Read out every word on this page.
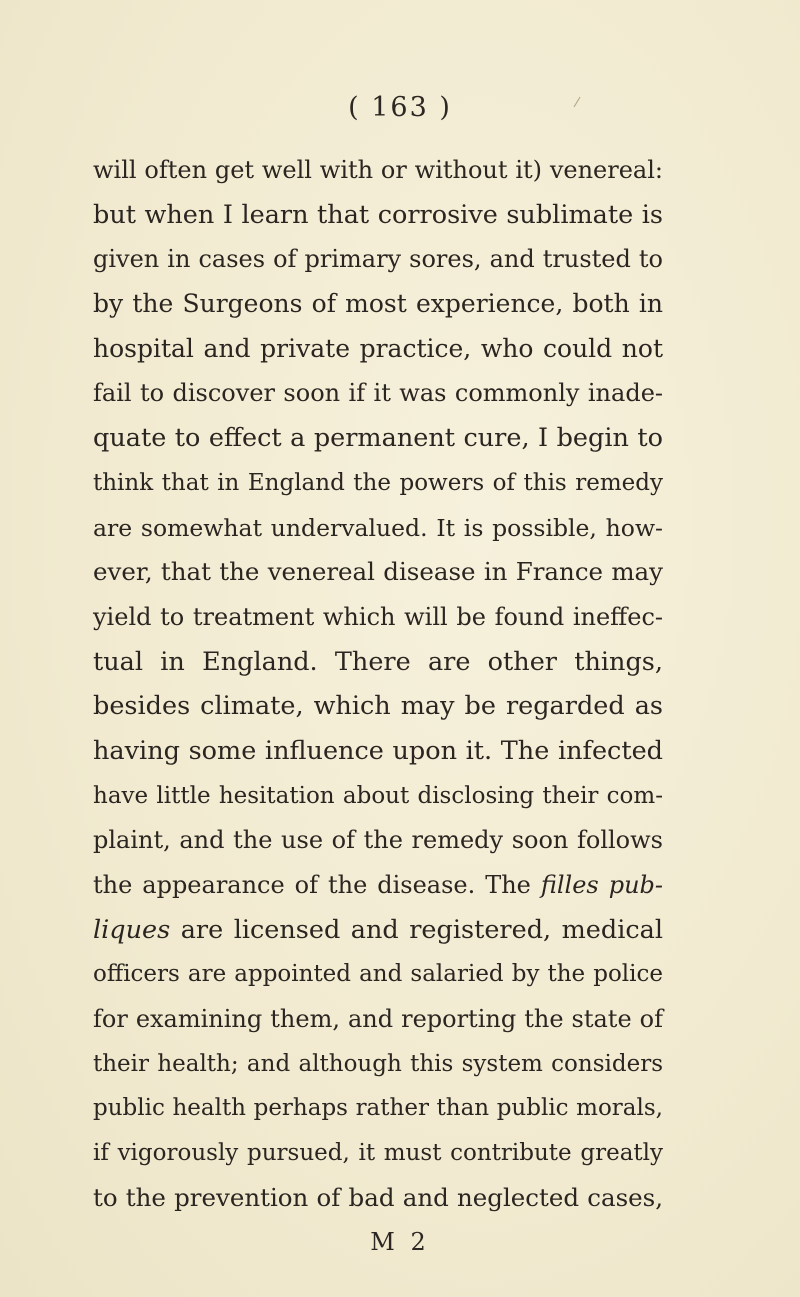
( 163 )
will often get well with or without it) venereal:
but when I learn that corrosive sublimate is
given in cases of primary sores, and trusted to
by the Surgeons of most experience, both in
hospital and private practice, who could not
fail to discover soon if it was commonly inade-
quate to effect a permanent cure, I begin to
think that in England the powers of this remedy
are somewhat undervalued. It is possible, how-
ever, that the venereal disease in France may
yield to treatment which will be found ineffec-
tual in England. There are other things,
besides climate, which may be regarded as
having some influence upon it. The infected
have little hesitation about disclosing their com-
plaint, and the use of the remedy soon follows
the appearance of the disease. The filles pub-
liques are licensed and registered, medical
officers are appointed and salaried by the police
for examining them, and reporting the state of
their health; and although this system considers
public health perhaps rather than public morals,
if vigorously pursued, it must contribute greatly
to the prevention of bad and neglected cases,
M 2
